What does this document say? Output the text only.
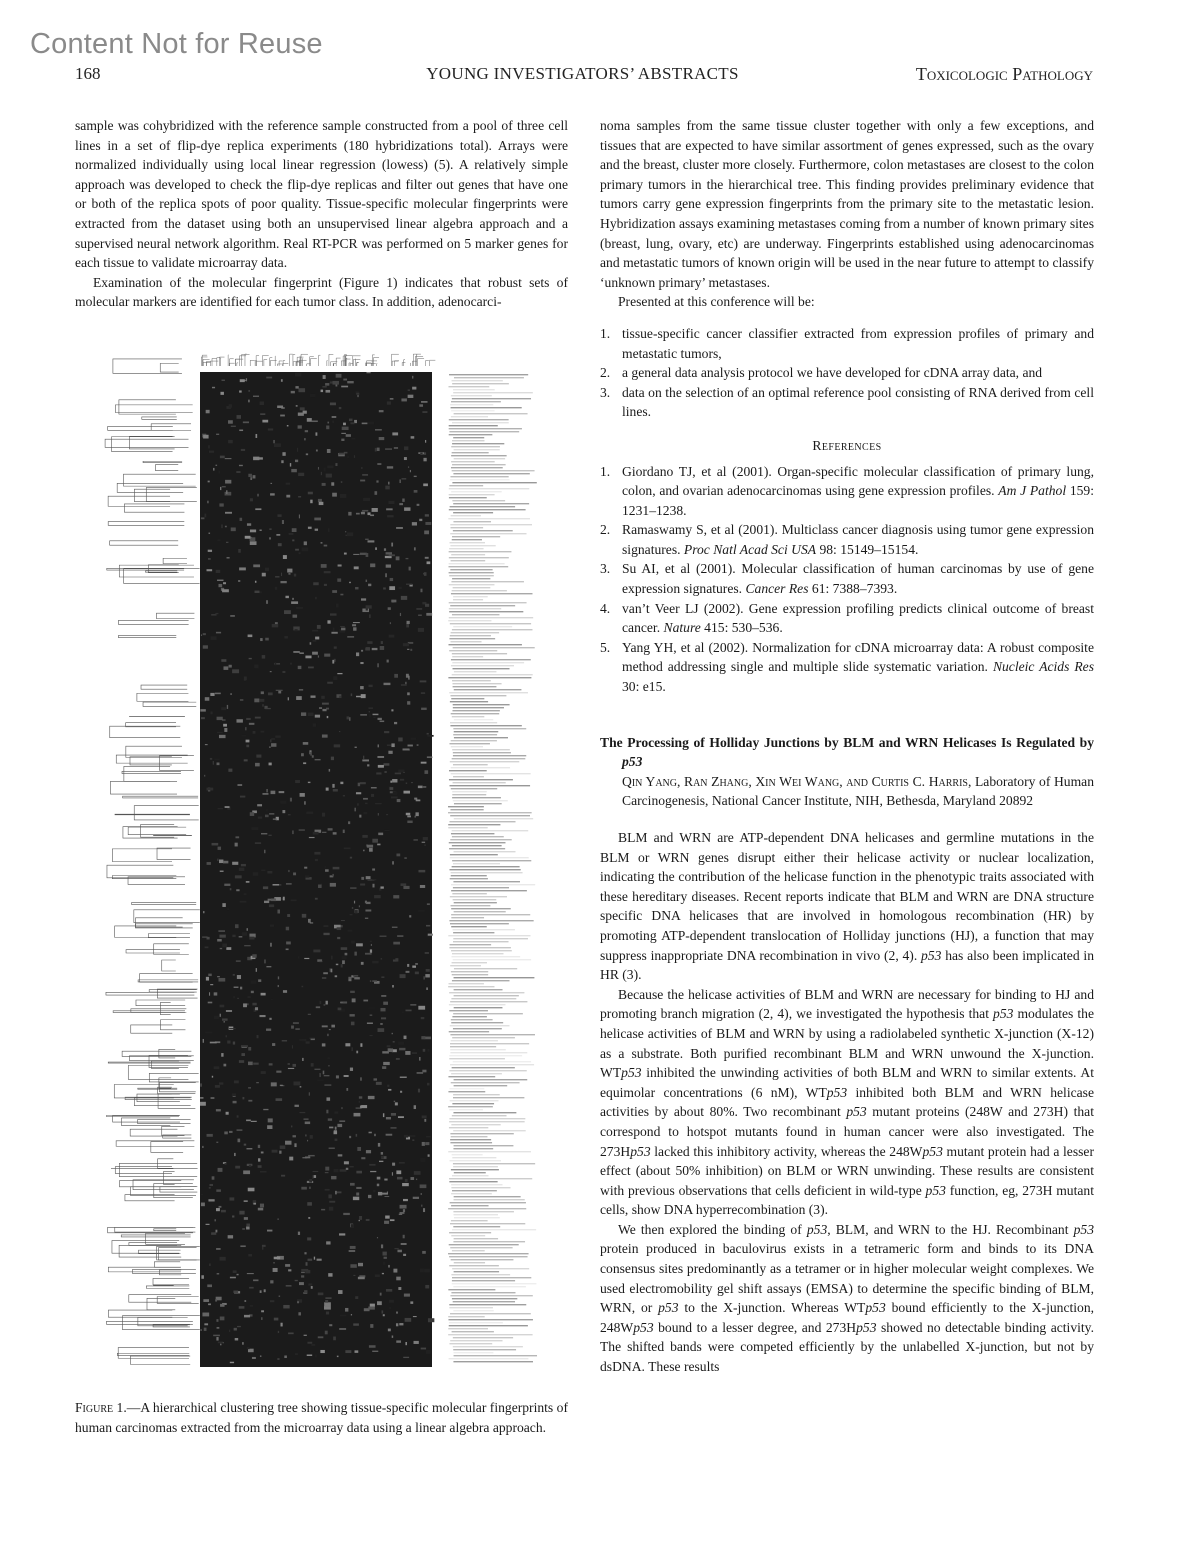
Content Not for Reuse
168	YOUNG INVESTIGATORS’ ABSTRACTS	Toxicologic Pathology

sample was cohybridized with the reference sample constructed from a pool of three cell lines in a set of flip-dye replica experiments (180 hybridizations total). Arrays were normalized individually using local linear regression (lowess) (5). A relatively simple approach was developed to check the flip-dye replicas and filter out genes that have one or both of the replica spots of poor quality. Tissue-specific molecular fingerprints were extracted from the dataset using both an unsupervised linear algebra approach and a supervised neural network algorithm. Real RT-PCR was performed on 5 marker genes for each tissue to validate microarray data.

Examination of the molecular fingerprint (Figure 1) indicates that robust sets of molecular markers are identified for each tumor class. In addition, adenocarci-

Figure 1.—A hierarchical clustering tree showing tissue-specific molecular fingerprints of human carcinomas extracted from the microarray data using a linear algebra approach.

noma samples from the same tissue cluster together with only a few exceptions, and tissues that are expected to have similar assortment of genes expressed, such as the ovary and the breast, cluster more closely. Furthermore, colon metastases are closest to the colon primary tumors in the hierarchical tree. This finding provides preliminary evidence that tumors carry gene expression fingerprints from the primary site to the metastatic lesion. Hybridization assays examining metastases coming from a number of known primary sites (breast, lung, ovary, etc) are underway. Fingerprints established using adenocarcinomas and metastatic tumors of known origin will be used in the near future to attempt to classify ‘unknown primary’ metastases.

Presented at this conference will be:

1. tissue-specific cancer classifier extracted from expression profiles of primary and metastatic tumors,
2. a general data analysis protocol we have developed for cDNA array data, and
3. data on the selection of an optimal reference pool consisting of RNA derived from cell lines.
References
1. Giordano TJ, et al (2001). Organ-specific molecular classification of primary lung, colon, and ovarian adenocarcinomas using gene expression profiles. Am J Pathol 159: 1231–1238.
2. Ramaswamy S, et al (2001). Multiclass cancer diagnosis using tumor gene expression signatures. Proc Natl Acad Sci USA 98: 15149–15154.
3. Su AI, et al (2001). Molecular classification of human carcinomas by use of gene expression signatures. Cancer Res 61: 7388–7393.
4. van’t Veer LJ (2002). Gene expression profiling predicts clinical outcome of breast cancer. Nature 415: 530–536.
5. Yang YH, et al (2002). Normalization for cDNA microarray data: A robust composite method addressing single and multiple slide systematic variation. Nucleic Acids Res 30: e15.
The Processing of Holliday Junctions by BLM and WRN Helicases Is Regulated by p53
Qin Yang, Ran Zhang, Xin Wei Wang, and Curtis C. Harris, Laboratory of Human Carcinogenesis, National Cancer Institute, NIH, Bethesda, Maryland 20892

BLM and WRN are ATP-dependent DNA helicases and germline mutations in the BLM or WRN genes disrupt either their helicase activity or nuclear localization, indicating the contribution of the helicase function in the phenotypic traits associated with these hereditary diseases. Recent reports indicate that BLM and WRN are DNA structure specific DNA helicases that are involved in homologous recombination (HR) by promoting ATP-dependent translocation of Holliday junctions (HJ), a function that may suppress inappropriate DNA recombination in vivo (2, 4). p53 has also been implicated in HR (3).

Because the helicase activities of BLM and WRN are necessary for binding to HJ and promoting branch migration (2, 4), we investigated the hypothesis that p53 modulates the helicase activities of BLM and WRN by using a radiolabeled synthetic X-junction (X-12) as a substrate. Both purified recombinant BLM and WRN unwound the X-junction. WTp53 inhibited the unwinding activities of both BLM and WRN to similar extents. At equimolar concentrations (6 nM), WTp53 inhibited both BLM and WRN helicase activities by about 80%. Two recombinant p53 mutant proteins (248W and 273H) that correspond to hotspot mutants found in human cancer were also investigated. The 273Hp53 lacked this inhibitory activity, whereas the 248Wp53 mutant protein had a lesser effect (about 50% inhibition) on BLM or WRN unwinding. These results are consistent with previous observations that cells deficient in wild-type p53 function, eg, 273H mutant cells, show DNA hyperrecombination (3).

We then explored the binding of p53, BLM, and WRN to the HJ. Recombinant p53 protein produced in baculovirus exists in a tetrameric form and binds to its DNA consensus sites predominantly as a tetramer or in higher molecular weight complexes. We used electromobility gel shift assays (EMSA) to determine the specific binding of BLM, WRN, or p53 to the X-junction. Whereas WTp53 bound efficiently to the X-junction, 248Wp53 bound to a lesser degree, and 273Hp53 showed no detectable binding activity. The shifted bands were competed efficiently by the unlabelled X-junction, but not by dsDNA. These results
